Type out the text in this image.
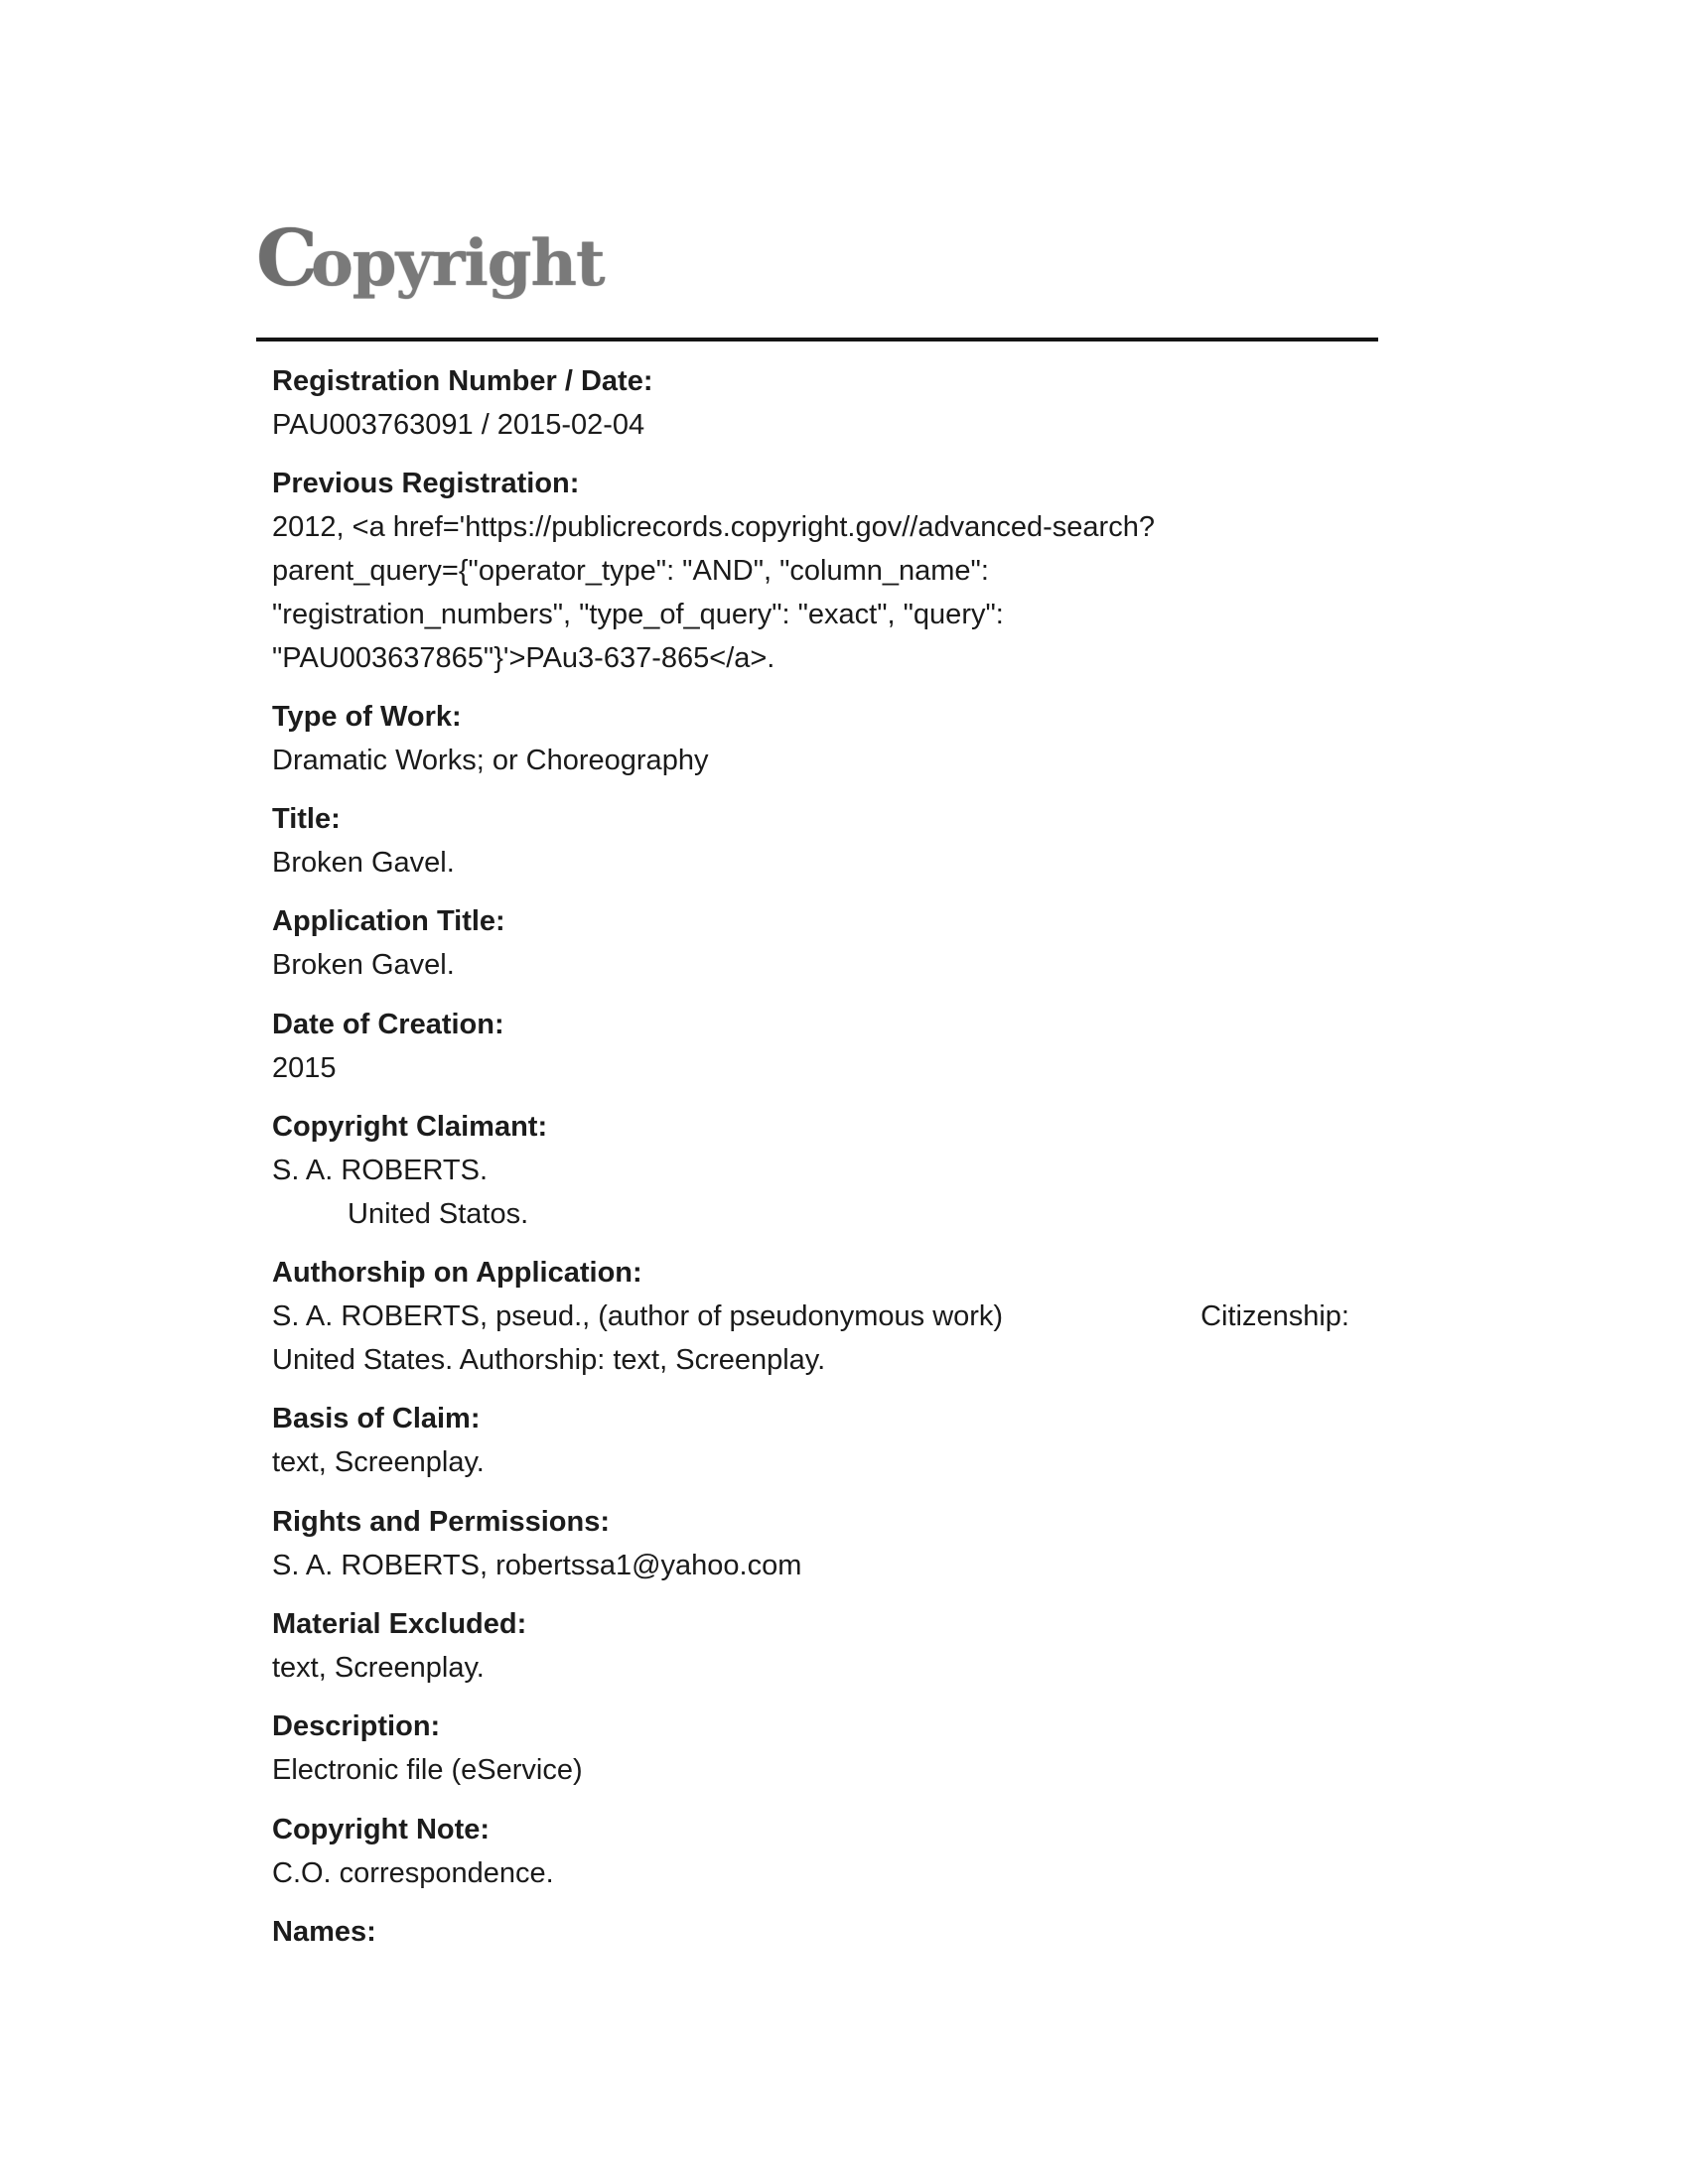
Copyright
Registration Number / Date:
PAU003763091 / 2015-02-04
Previous Registration:
2012, <a href='https://publicrecords.copyright.gov//advanced-search?
parent_query={"operator_type": "AND", "column_name":
"registration_numbers", "type_of_query": "exact", "query":
"PAU003637865"}'>PAu3-637-865</a>.
Type of Work:
Dramatic Works; or Choreography
Title:
Broken Gavel.
Application Title:
Broken Gavel.
Date of Creation:
2015
Copyright Claimant:
S. A. ROBERTS.
United Statos.
Authorship on Application:
S. A. ROBERTS, pseud., (author of pseudonymous work)	Citizenship:
United States. Authorship: text, Screenplay.
Basis of Claim:
text, Screenplay.
Rights and Permissions:
S. A. ROBERTS, robertssa1@yahoo.com
Material Excluded:
text, Screenplay.
Description:
Electronic file (eService)
Copyright Note:
C.O. correspondence.
Names:
